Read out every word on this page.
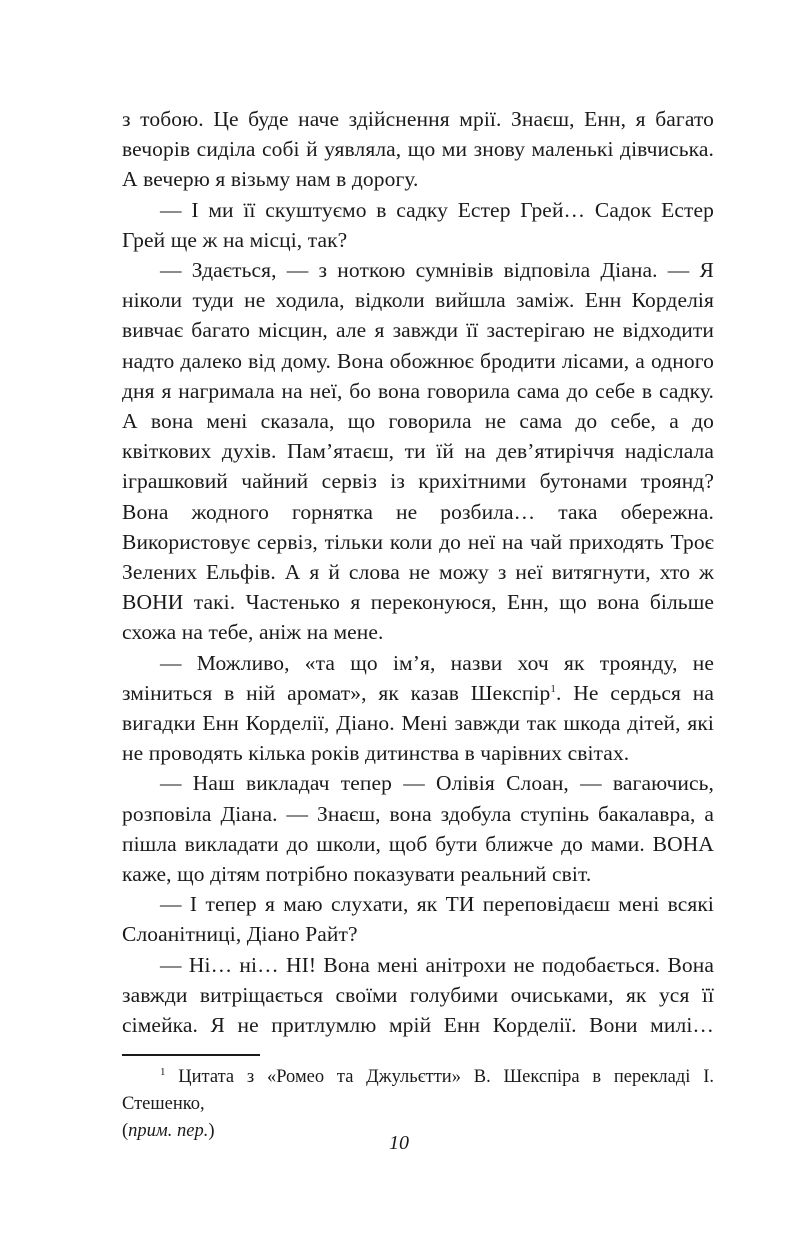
з тобою. Це буде наче здійснення мрії. Знаєш, Енн, я багато вечорів сиділа собі й уявляла, що ми знову маленькі дівчиська. А вечерю я візьму нам в дорогу.

— І ми її скуштуємо в садку Естер Грей… Садок Естер Грей ще ж на місці, так?

— Здається, — з ноткою сумнівів відповіла Діана. — Я ніколи туди не ходила, відколи вийшла заміж. Енн Корделія вивчає багато місцин, але я завжди її застерігаю не відходити надто далеко від дому. Вона обожнює бродити лісами, а одного дня я нагримала на неї, бо вона говорила сама до себе в садку. А вона мені сказала, що говорила не сама до себе, а до квіткових духів. Пам’ятаєш, ти їй на дев’ятиріччя надіслала іграшковий чайний сервіз із крихітними бутонами троянд? Вона жодного горнятка не розбила… така обережна. Використовує сервіз, тільки коли до неї на чай приходять Троє Зелених Ельфів. А я й слова не можу з неї витягнути, хто ж ВОНИ такі. Частенько я переконуюся, Енн, що вона більше схожа на тебе, аніж на мене.

— Можливо, «та що ім’я, назви хоч як троянду, не зміниться в ній аромат», як казав Шекспір$^1$. Не сердься на вигадки Енн Корделії, Діано. Мені завжди так шкода дітей, які не проводять кілька років дитинства в чарівних світах.

— Наш викладач тепер — Олівія Слоан, — вагаючись, розповіла Діана. — Знаєш, вона здобула ступінь бакалавра, а пішла викладати до школи, щоб бути ближче до мами. ВОНА каже, що дітям потрібно показувати реальний світ.

— І тепер я маю слухати, як ТИ переповідаєш мені всякі Слоанітниці, Діано Райт?

— Ні… ні… НІ! Вона мені анітрохи не подобається. Вона завжди витріщається своїми голубими очиськами, як уся її сімейка. Я не притлумлю мрій Енн Корделії. Вони милі…

$^1$ Цитата з «Ромео та Джульєтти» В. Шекспіра в перекладі І. Стешенко,
(прим. пер.)

10
